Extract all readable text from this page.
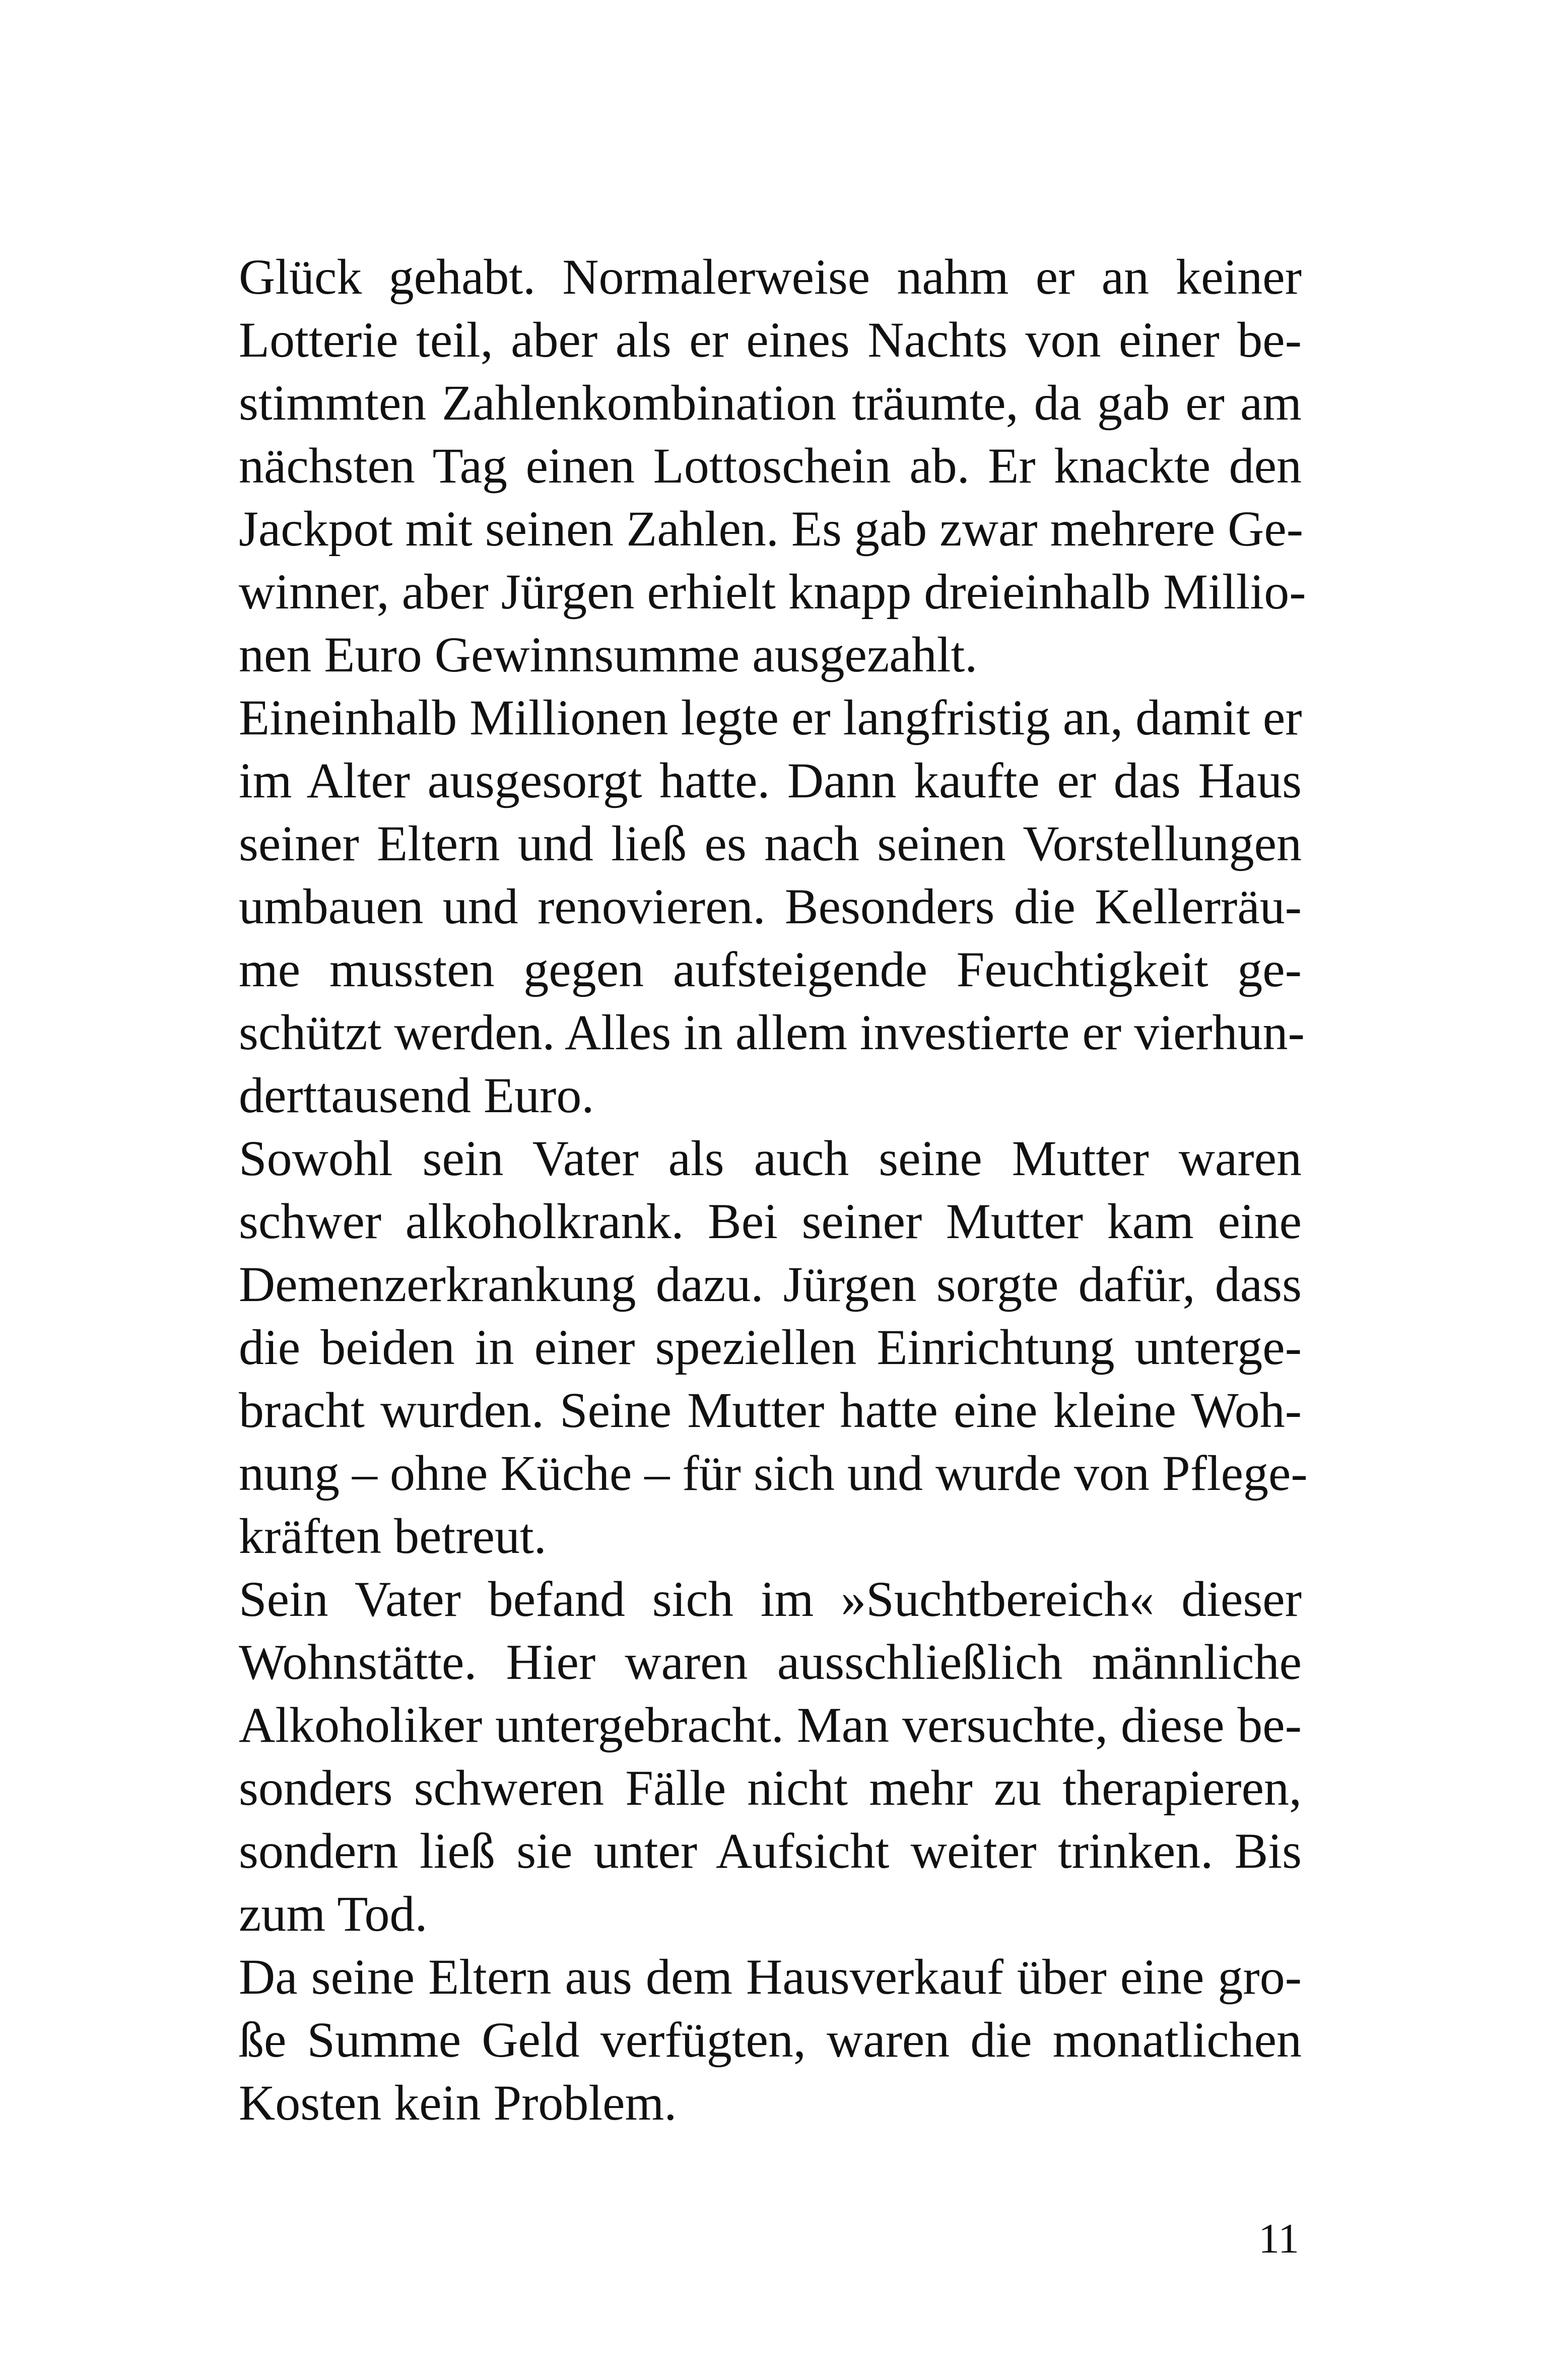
Glück gehabt. Normalerweise nahm er an keiner
Lotterie teil, aber als er eines Nachts von einer be-
stimmten Zahlenkombination träumte, da gab er am
nächsten Tag einen Lottoschein ab. Er knackte den
Jackpot mit seinen Zahlen. Es gab zwar mehrere Ge-
winner, aber Jürgen erhielt knapp dreieinhalb Millio-
nen Euro Gewinnsumme ausgezahlt.
Eineinhalb Millionen legte er langfristig an, damit er
im Alter ausgesorgt hatte. Dann kaufte er das Haus
seiner Eltern und ließ es nach seinen Vorstellungen
umbauen und renovieren. Besonders die Kellerräu-
me mussten gegen aufsteigende Feuchtigkeit ge-
schützt werden. Alles in allem investierte er vierhun-
derttausend Euro.
Sowohl sein Vater als auch seine Mutter waren
schwer alkoholkrank. Bei seiner Mutter kam eine
Demenzerkrankung dazu. Jürgen sorgte dafür, dass
die beiden in einer speziellen Einrichtung unterge-
bracht wurden. Seine Mutter hatte eine kleine Woh-
nung – ohne Küche – für sich und wurde von Pflege-
kräften betreut.
Sein Vater befand sich im »Suchtbereich« dieser
Wohnstätte. Hier waren ausschließlich männliche
Alkoholiker untergebracht. Man versuchte, diese be-
sonders schweren Fälle nicht mehr zu therapieren,
sondern ließ sie unter Aufsicht weiter trinken. Bis
zum Tod.
Da seine Eltern aus dem Hausverkauf über eine gro-
ße Summe Geld verfügten, waren die monatlichen
Kosten kein Problem.
11
